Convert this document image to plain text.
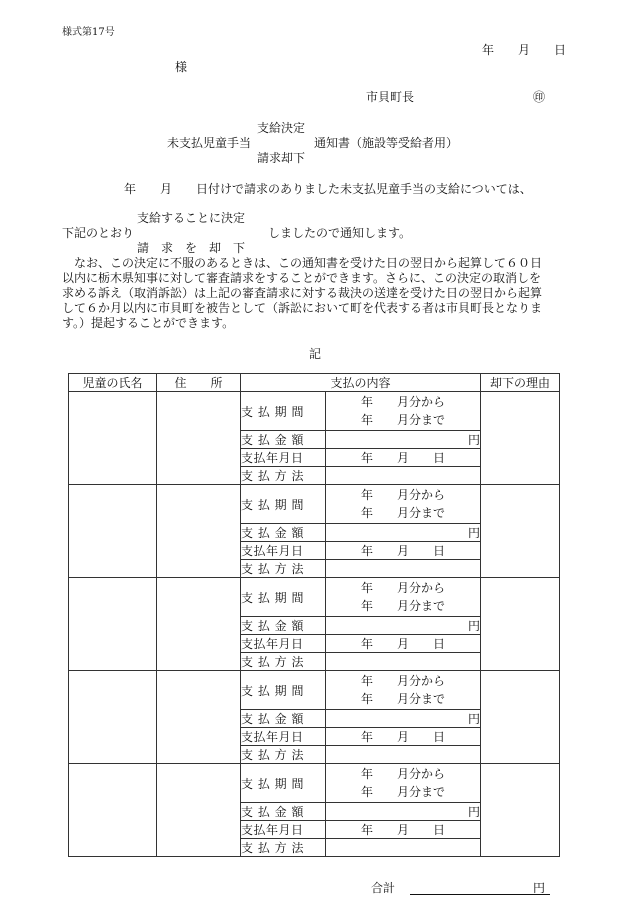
様式第17号
年　　月　　日
様
市貝町長	㊞
支給決定
未支払児童手当	通知書（施設等受給者用）
請求却下
年　　月　　日付けで請求のありました未支払児童手当の支給については、
支給することに決定
下記のとおり	しましたので通知します。
請　求　を　却　下
なお、この決定に不服のあるときは、この通知書を受けた日の翌日から起算して６０日
以内に栃木県知事に対して審査請求をすることができます。さらに、この決定の取消しを
求める訴え（取消訴訟）は上記の審査請求に対する裁決の送達を受けた日の翌日から起算
して６か月以内に市貝町を被告として（訴訟において町を代表する者は市貝町長となりま
す。）提起することができます。
記
児童の氏名	住　　所	支払の内容		却下の理由
		支 払 期 間	年　　月分から
年　　月分まで	

		支 払 金 額	円	
		支払年月日	年　　月　　日	
		支 払 方 法		
		支 払 期 間	年　　月分から
年　　月分まで	

		支 払 金 額	円	
		支払年月日	年　　月　　日	
		支 払 方 法		
		支 払 期 間	年　　月分から
年　　月分まで	

		支 払 金 額	円	
		支払年月日	年　　月　　日	
		支 払 方 法		
		支 払 期 間	年　　月分から
年　　月分まで	

		支 払 金 額	円	
		支払年月日	年　　月　　日	
		支 払 方 法		
		支 払 期 間	年　　月分から
年　　月分まで	

		支 払 金 額	円	
		支払年月日	年　　月　　日	
		支 払 方 法		
合計	円
